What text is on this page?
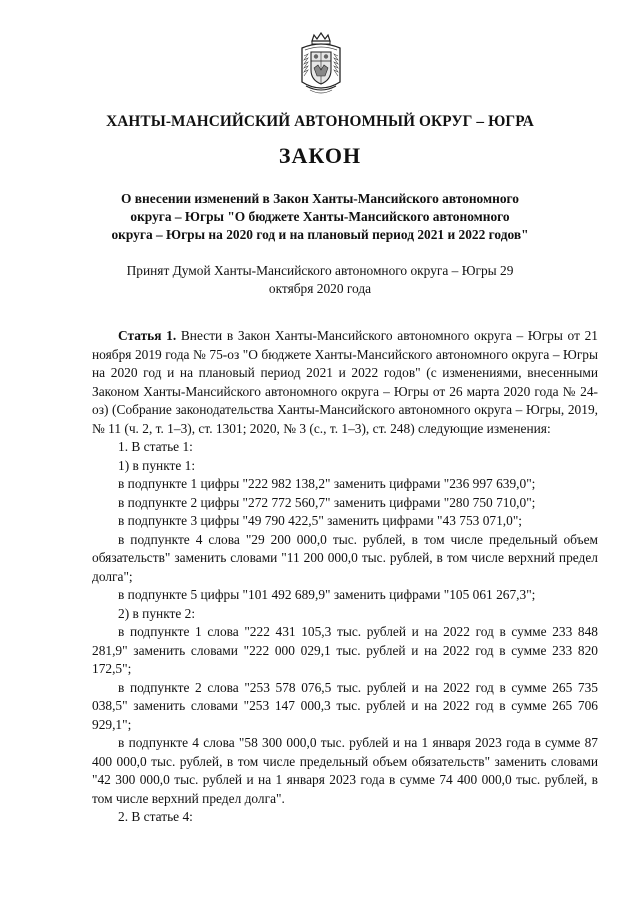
ХАНТЫ-МАНСИЙСКИЙ АВТОНОМНЫЙ ОКРУГ – ЮГРА
ЗАКОН
О внесении изменений в Закон Ханты-Мансийского автономного округа – Югры "О бюджете Ханты-Мансийского автономного округа – Югры на 2020 год и на плановый период 2021 и 2022 годов"
Принят Думой Ханты-Мансийского автономного округа – Югры 29 октября 2020 года

Статья 1. Внести в Закон Ханты-Мансийского автономного округа – Югры от 21 ноября 2019 года № 75-оз "О бюджете Ханты-Мансийского автономного округа – Югры на 2020 год и на плановый период 2021 и 2022 годов" (с изменениями, внесенными Законом Ханты-Мансийского автономного округа – Югры от 26 марта 2020 года № 24-оз) (Собрание законодательства Ханты-Мансийского автономного округа – Югры, 2019, № 11 (ч. 2, т. 1–3), ст. 1301; 2020, № 3 (с., т. 1–3), ст. 248) следующие изменения:

1. В статье 1:

1) в пункте 1:

в подпункте 1 цифры "222 982 138,2" заменить цифрами "236 997 639,0";

в подпункте 2 цифры "272 772 560,7" заменить цифрами "280 750 710,0";

в подпункте 3 цифры "49 790 422,5" заменить цифрами "43 753 071,0";

в подпункте 4 слова "29 200 000,0 тыс. рублей, в том числе предельный объем обязательств" заменить словами "11 200 000,0 тыс. рублей, в том числе верхний предел долга";

в подпункте 5 цифры "101 492 689,9" заменить цифрами "105 061 267,3";

2) в пункте 2:

в подпункте 1 слова "222 431 105,3 тыс. рублей и на 2022 год в сумме 233 848 281,9" заменить словами "222 000 029,1 тыс. рублей и на 2022 год в сумме 233 820 172,5";

в подпункте 2 слова "253 578 076,5 тыс. рублей и на 2022 год в сумме 265 735 038,5" заменить словами "253 147 000,3 тыс. рублей и на 2022 год в сумме 265 706 929,1";

в подпункте 4 слова "58 300 000,0 тыс. рублей и на 1 января 2023 года в сумме 87 400 000,0 тыс. рублей, в том числе предельный объем обязательств" заменить словами "42 300 000,0 тыс. рублей и на 1 января 2023 года в сумме 74 400 000,0 тыс. рублей, в том числе верхний предел долга".

2. В статье 4:
